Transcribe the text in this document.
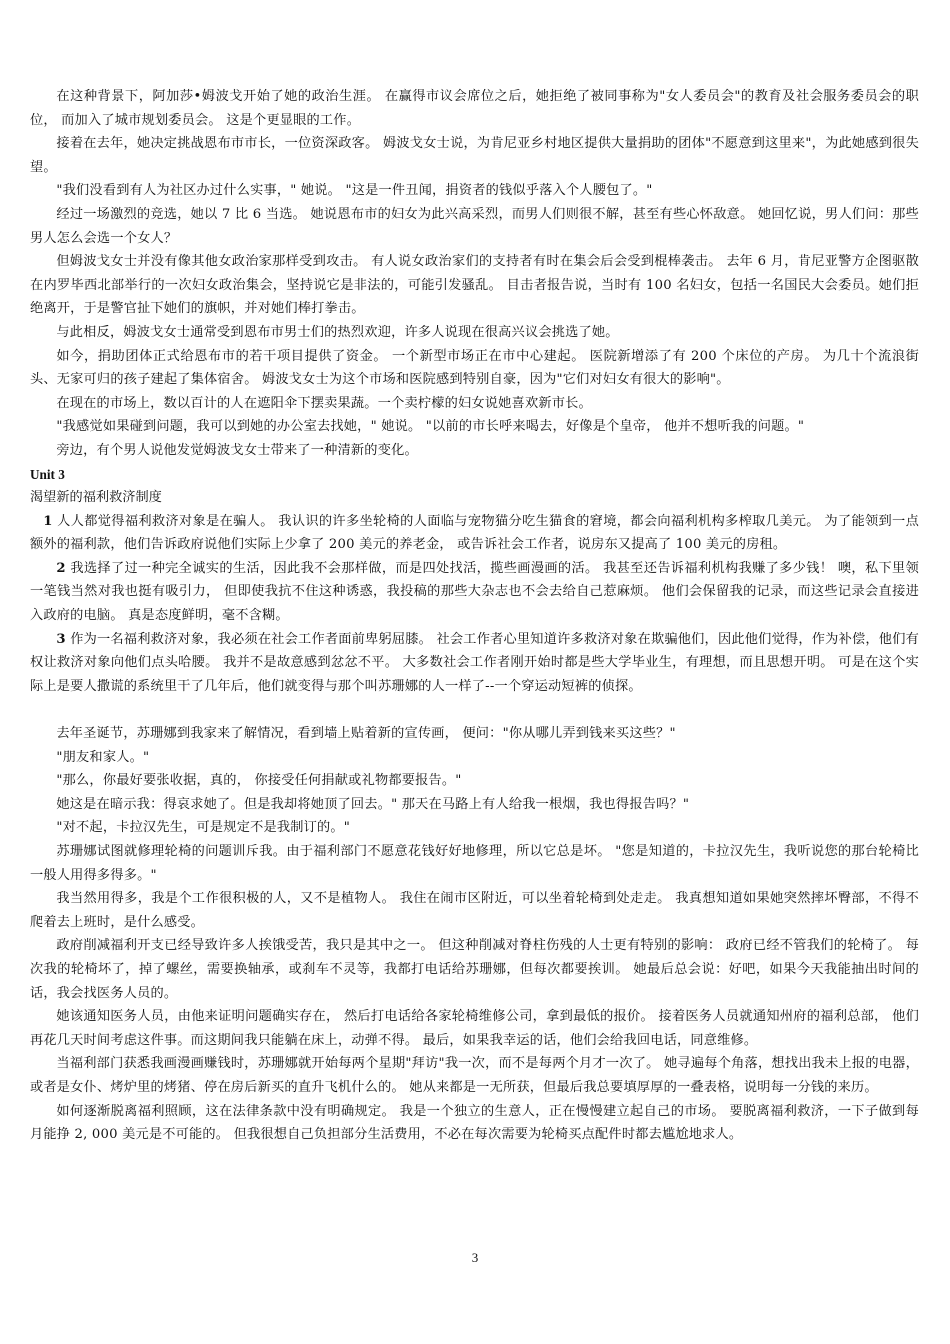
在这种背景下，阿加莎•姆波戈开始了她的政治生涯。 在赢得市议会席位之后，她拒绝了被同事称为"女人委员会"的教育及社会服务委员会的职位， 而加入了城市规划委员会。 这是个更显眼的工作。

接着在去年，她决定挑战恩布市市长，一位资深政客。 姆波戈女士说，为肯尼亚乡村地区提供大量捐助的团体"不愿意到这里来"，为此她感到很失望。

"我们没看到有人为社区办过什么实事，" 她说。 "这是一件丑闻，捐资者的钱似乎落入个人腰包了。"

经过一场激烈的竞选，她以 7 比 6 当选。 她说恩布市的妇女为此兴高采烈，而男人们则很不解，甚至有些心怀敌意。 她回忆说，男人们问：那些男人怎么会选一个女人？

但姆波戈女士并没有像其他女政治家那样受到攻击。 有人说女政治家们的支持者有时在集会后会受到棍棒袭击。 去年 6 月，肯尼亚警方企图驱散在内罗毕西北部举行的一次妇女政治集会，坚持说它是非法的，可能引发骚乱。 目击者报告说，当时有 100 名妇女，包括一名国民大会委员。她们拒绝离开，于是警官扯下她们的旗帜，并对她们棒打拳击。

与此相反，姆波戈女士通常受到恩布市男士们的热烈欢迎，许多人说现在很高兴议会挑选了她。

如今，捐助团体正式给恩布市的若干项目提供了资金。 一个新型市场正在市中心建起。 医院新增添了有 200 个床位的产房。 为几十个流浪街头、无家可归的孩子建起了集体宿舍。 姆波戈女士为这个市场和医院感到特别自豪，因为"它们对妇女有很大的影响"。

在现在的市场上，数以百计的人在遮阳伞下摆卖果蔬。一个卖柠檬的妇女说她喜欢新市长。

"我感觉如果碰到问题，我可以到她的办公室去找她，" 她说。 "以前的市长呼来喝去，好像是个皇帝， 他并不想听我的问题。"

旁边，有个男人说他发觉姆波戈女士带来了一种清新的变化。

Unit 3

渴望新的福利救济制度

1 人人都觉得福利救济对象是在骗人。 我认识的许多坐轮椅的人面临与宠物猫分吃生猫食的窘境，都会向福利机构多榨取几美元。 为了能领到一点额外的福利款，他们告诉政府说他们实际上少拿了 200 美元的养老金， 或告诉社会工作者，说房东又提高了 100 美元的房租。

2 我选择了过一种完全诚实的生活，因此我不会那样做，而是四处找活，揽些画漫画的活。 我甚至还告诉福利机构我赚了多少钱！ 噢，私下里领一笔钱当然对我也挺有吸引力， 但即使我抗不住这种诱惑，我投稿的那些大杂志也不会去给自己惹麻烦。 他们会保留我的记录，而这些记录会直接进入政府的电脑。 真是态度鲜明，毫不含糊。

3 作为一名福利救济对象，我必须在社会工作者面前卑躬屈膝。 社会工作者心里知道许多救济对象在欺骗他们，因此他们觉得，作为补偿，他们有权让救济对象向他们点头哈腰。 我并不是故意感到忿忿不平。 大多数社会工作者刚开始时都是些大学毕业生，有理想，而且思想开明。 可是在这个实际上是要人撒谎的系统里干了几年后，他们就变得与那个叫苏珊娜的人一样了--一个穿运动短裤的侦探。

去年圣诞节，苏珊娜到我家来了解情况，看到墙上贴着新的宣传画， 便问："你从哪儿弄到钱来买这些？"

"朋友和家人。"

"那么，你最好要张收据，真的， 你接受任何捐献或礼物都要报告。"

她这是在暗示我：得哀求她了。但是我却将她顶了回去。" 那天在马路上有人给我一根烟，我也得报告吗？"

"对不起，卡拉汉先生，可是规定不是我制订的。"

苏珊娜试图就修理轮椅的问题训斥我。由于福利部门不愿意花钱好好地修理，所以它总是坏。 "您是知道的，卡拉汉先生，我听说您的那台轮椅比一般人用得多得多。"

我当然用得多，我是个工作很积极的人，又不是植物人。 我住在闹市区附近，可以坐着轮椅到处走走。 我真想知道如果她突然摔坏臀部，不得不爬着去上班时，是什么感受。

政府削减福利开支已经导致许多人挨饿受苦，我只是其中之一。 但这种削减对脊柱伤残的人士更有特别的影响： 政府已经不管我们的轮椅了。 每次我的轮椅坏了，掉了螺丝，需要换轴承，或刹车不灵等，我都打电话给苏珊娜，但每次都要挨训。 她最后总会说：好吧，如果今天我能抽出时间的话，我会找医务人员的。

她该通知医务人员，由他来证明问题确实存在， 然后打电话给各家轮椅维修公司，拿到最低的报价。 接着医务人员就通知州府的福利总部， 他们再花几天时间考虑这件事。而这期间我只能躺在床上，动弹不得。 最后，如果我幸运的话，他们会给我回电话，同意维修。

当福利部门获悉我画漫画赚钱时，苏珊娜就开始每两个星期"拜访"我一次，而不是每两个月才一次了。 她寻遍每个角落，想找出我未上报的电器，或者是女仆、烤炉里的烤猪、停在房后新买的直升飞机什么的。 她从来都是一无所获，但最后我总要填厚厚的一叠表格，说明每一分钱的来历。

如何逐渐脱离福利照顾，这在法律条款中没有明确规定。 我是一个独立的生意人，正在慢慢建立起自己的市场。 要脱离福利救济，一下子做到每月能挣 2, 000 美元是不可能的。 但我很想自己负担部分生活费用，不必在每次需要为轮椅买点配件时都去尴尬地求人。

3
